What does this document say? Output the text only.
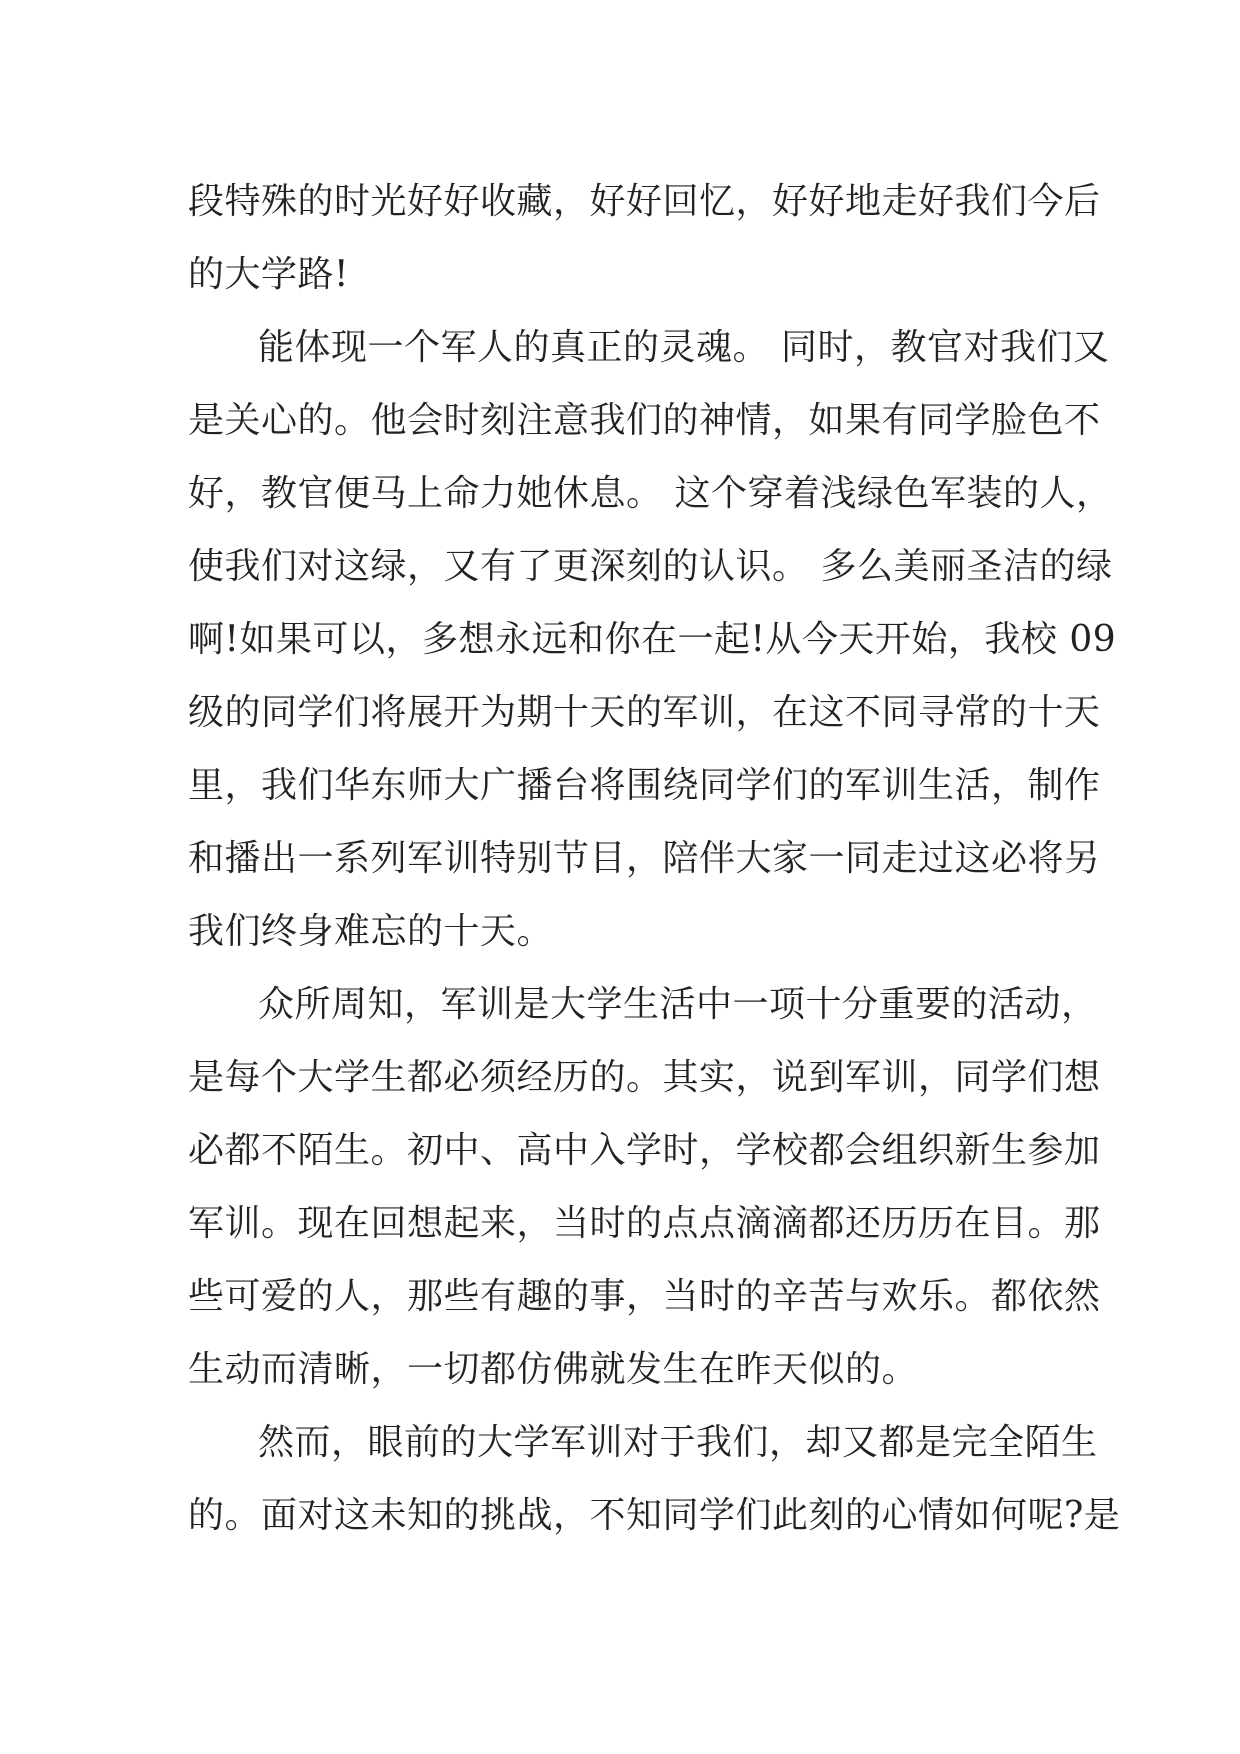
段特殊的时光好好收藏，好好回忆，好好地走好我们今后
的大学路!
能体现一个军人的真正的灵魂。 同时，教官对我们又
是关心的。他会时刻注意我们的神情，如果有同学脸色不
好，教官便马上命力她休息。 这个穿着浅绿色军装的人，
使我们对这绿，又有了更深刻的认识。 多么美丽圣洁的绿
啊!如果可以，多想永远和你在一起!从今天开始，我校 09
级的同学们将展开为期十天的军训，在这不同寻常的十天
里，我们华东师大广播台将围绕同学们的军训生活，制作
和播出一系列军训特别节目，陪伴大家一同走过这必将另
我们终身难忘的十天。
众所周知，军训是大学生活中一项十分重要的活动，
是每个大学生都必须经历的。其实，说到军训，同学们想
必都不陌生。初中、高中入学时，学校都会组织新生参加
军训。现在回想起来，当时的点点滴滴都还历历在目。那
些可爱的人，那些有趣的事，当时的辛苦与欢乐。都依然
生动而清晰，一切都仿佛就发生在昨天似的。
然而，眼前的大学军训对于我们，却又都是完全陌生
的。面对这未知的挑战，不知同学们此刻的心情如何呢?是
